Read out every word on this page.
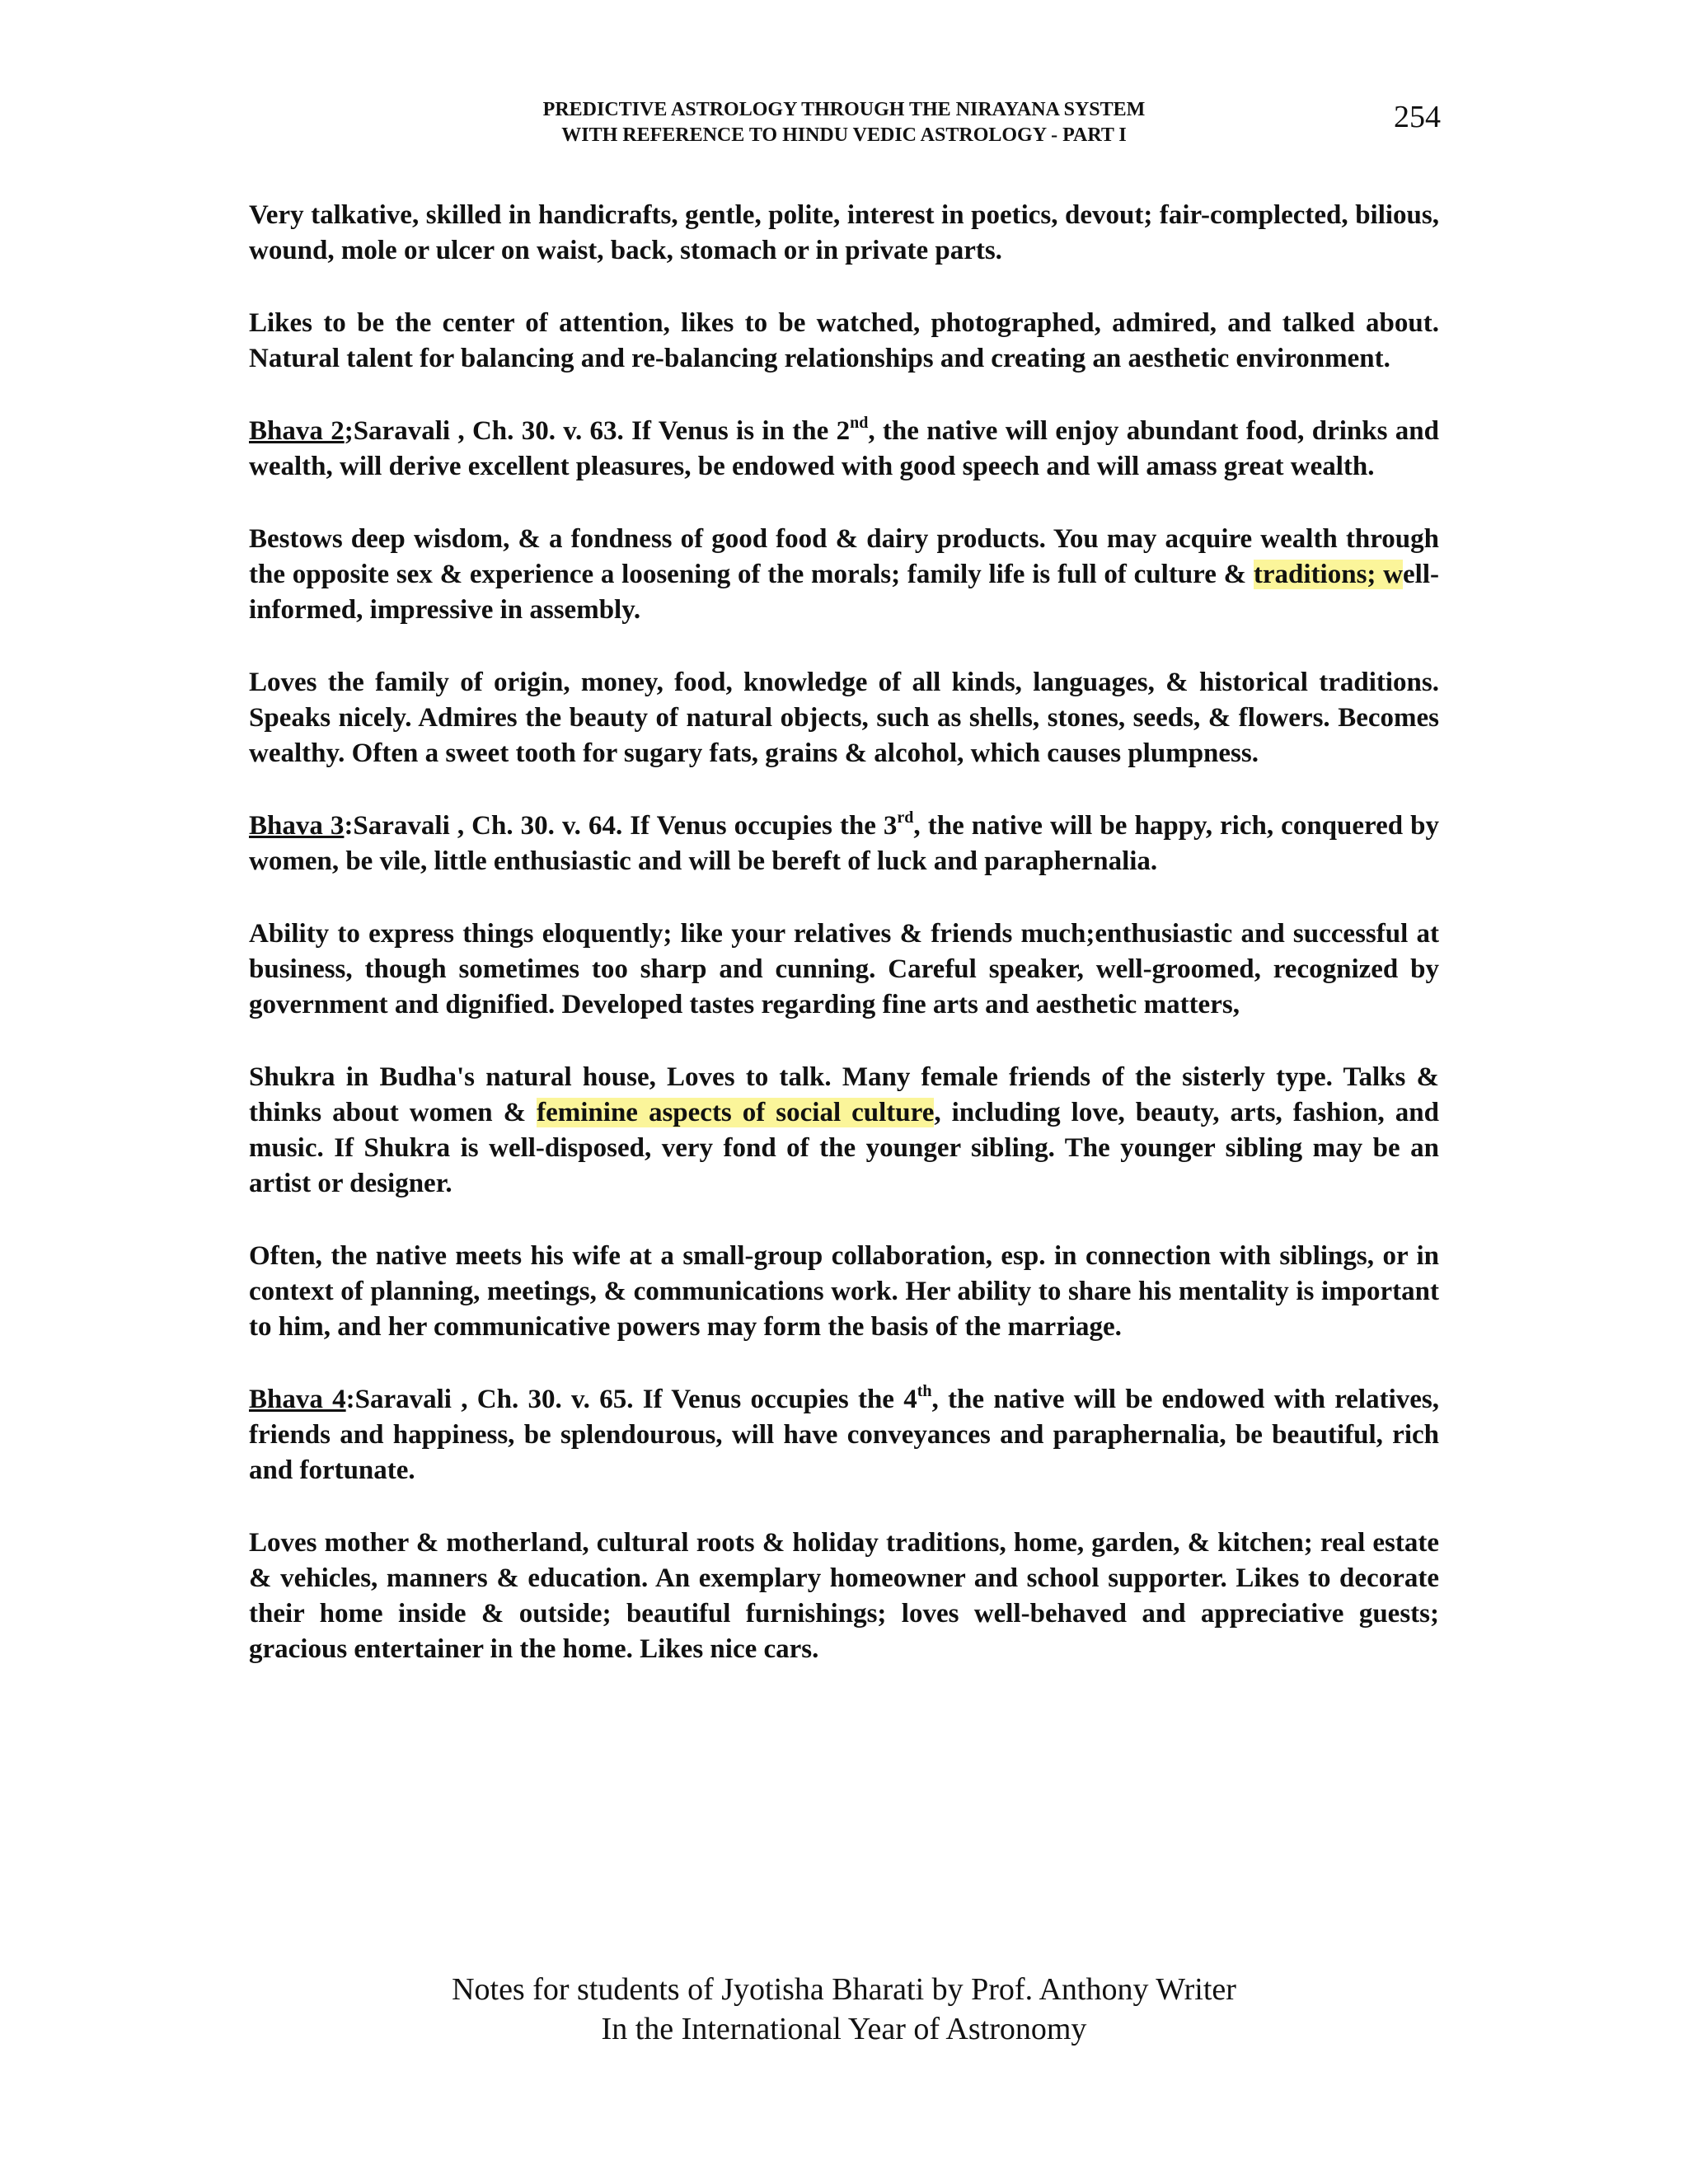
PREDICTIVE ASTROLOGY THROUGH THE NIRAYANA SYSTEM
WITH REFERENCE TO HINDU VEDIC ASTROLOGY - PART I
254

Very talkative, skilled in handicrafts, gentle, polite, interest in poetics, devout; fair-complected, bilious, wound, mole or ulcer on waist, back, stomach or in private parts.

Likes to be the center of attention, likes to be watched, photographed, admired, and talked about. Natural talent for balancing and re-balancing relationships and creating an aesthetic environment.

Bhava 2;Saravali , Ch. 30. v. 63. If Venus is in the 2nd, the native will enjoy abundant food, drinks and wealth, will derive excellent pleasures, be endowed with good speech and will amass great wealth.

Bestows deep wisdom, & a fondness of good food & dairy products. You may acquire wealth through the opposite sex & experience a loosening of the morals; family life is full of culture & traditions; well-informed, impressive in assembly.

Loves the family of origin, money, food, knowledge of all kinds, languages, & historical traditions. Speaks nicely. Admires the beauty of natural objects, such as shells, stones, seeds, & flowers. Becomes wealthy. Often a sweet tooth for sugary fats, grains & alcohol, which causes plumpness.

Bhava 3:Saravali , Ch. 30. v. 64. If Venus occupies the 3rd, the native will be happy, rich, conquered by women, be vile, little enthusiastic and will be bereft of luck and paraphernalia.

Ability to express things eloquently; like your relatives & friends much;enthusiastic and successful at business, though sometimes too sharp and cunning. Careful speaker, well-groomed, recognized by government and dignified. Developed tastes regarding fine arts and aesthetic matters,

Shukra in Budha's natural house, Loves to talk. Many female friends of the sisterly type. Talks & thinks about women & feminine aspects of social culture, including love, beauty, arts, fashion, and music. If Shukra is well-disposed, very fond of the younger sibling. The younger sibling may be an artist or designer.

Often, the native meets his wife at a small-group collaboration, esp. in connection with siblings, or in context of planning, meetings, & communications work. Her ability to share his mentality is important to him, and her communicative powers may form the basis of the marriage.

Bhava 4:Saravali , Ch. 30. v. 65. If Venus occupies the 4th, the native will be endowed with relatives, friends and happiness, be splendourous, will have conveyances and paraphernalia, be beautiful, rich and fortunate.

Loves mother & motherland, cultural roots & holiday traditions, home, garden, & kitchen; real estate & vehicles, manners & education. An exemplary homeowner and school supporter. Likes to decorate their home inside & outside; beautiful furnishings; loves well-behaved and appreciative guests; gracious entertainer in the home. Likes nice cars.

Notes for students of Jyotisha Bharati by Prof. Anthony Writer
In the International Year of Astronomy
